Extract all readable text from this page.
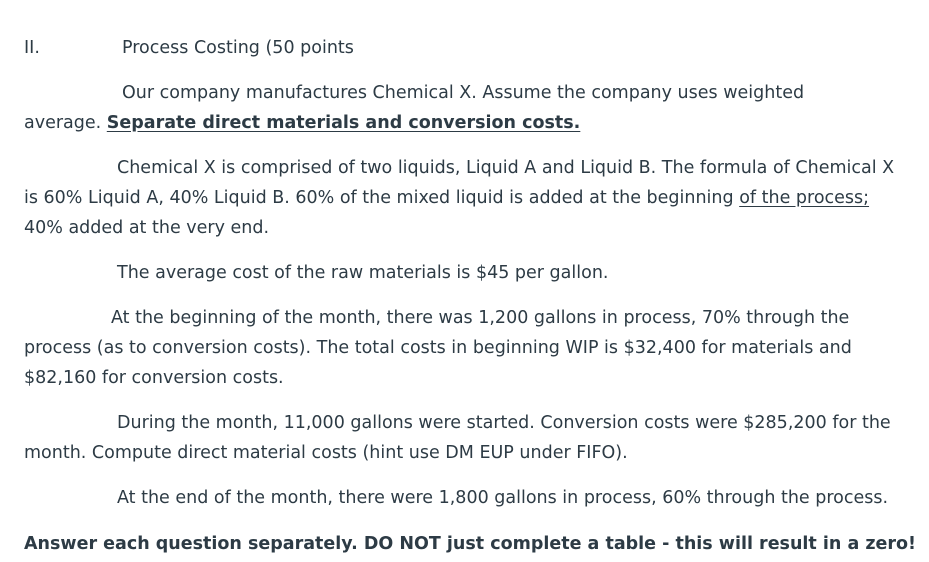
II.	Process Costing (50 points
Our company manufactures Chemical X. Assume the company uses weighted
average. Separate direct materials and conversion costs.
Chemical X is comprised of two liquids, Liquid A and Liquid B. The formula of Chemical X
is 60% Liquid A, 40% Liquid B. 60% of the mixed liquid is added at the beginning of the process;
40% added at the very end.
The average cost of the raw materials is $45 per gallon.
At the beginning of the month, there was 1,200 gallons in process, 70% through the
process (as to conversion costs). The total costs in beginning WIP is $32,400 for materials and
$82,160 for conversion costs.
During the month, 11,000 gallons were started. Conversion costs were $285,200 for the
month. Compute direct material costs (hint use DM EUP under FIFO).
At the end of the month, there were 1,800 gallons in process, 60% through the process.
Answer each question separately. DO NOT just complete a table - this will result in a zero!
